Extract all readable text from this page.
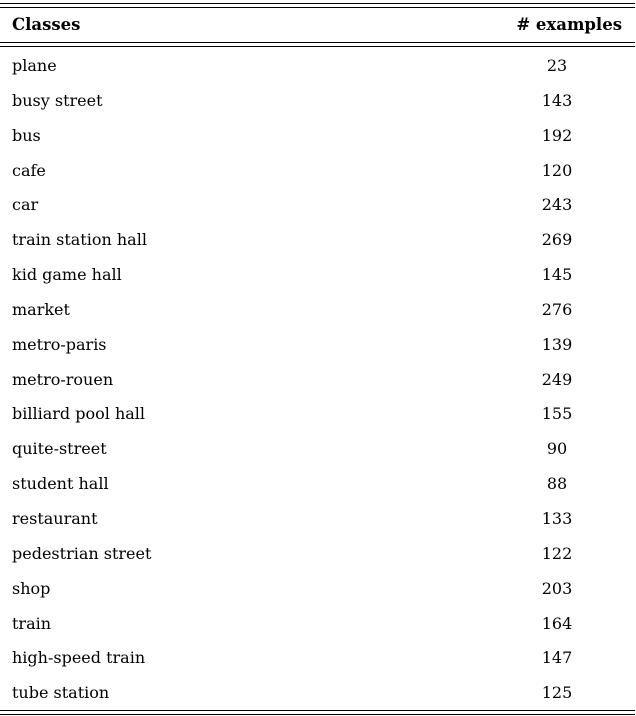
Classes	# examples
plane	23
busy street	143
bus	192
cafe	120
car	243
train station hall	269
kid game hall	145
market	276
metro-paris	139
metro-rouen	249
billiard pool hall	155
quite-street	90
student hall	88
restaurant	133
pedestrian street	122
shop	203
train	164
high-speed train	147
tube station	125
